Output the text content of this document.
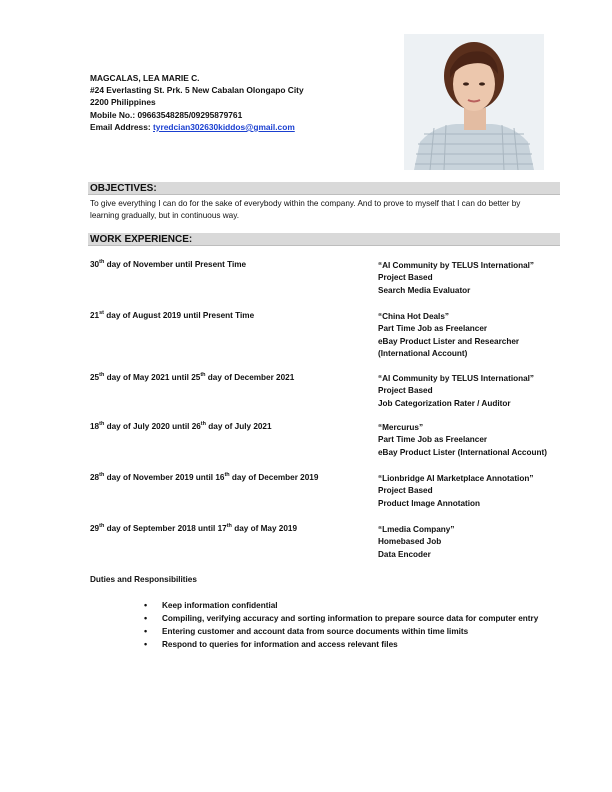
MAGCALAS, LEA MARIE C.
#24 Everlasting St. Prk. 5 New Cabalan Olongapo City
2200 Philippines
Mobile No.: 09663548285/09295879761
Email Address: tyredcian302630kiddos@gmail.com
OBJECTIVES:
To give everything I can do for the sake of everybody within the company. And to prove to myself that I can do better by learning gradually, but in continuous way.
WORK EXPERIENCE:
30th day of November until Present Time	“AI Community by TELUS International”
Project Based
Search Media Evaluator
21st day of August 2019 until Present Time	“China Hot Deals”
Part Time Job as Freelancer
eBay Product Lister and Researcher
(International Account)
25th day of May 2021 until 25th day of December 2021	“AI Community by TELUS International”
Project Based
Job Categorization Rater / Auditor
18th day of July 2020 until 26th day of July 2021	“Mercurus”
Part Time Job as Freelancer
eBay Product Lister (International Account)
28th day of November 2019 until 16th day of December 2019	“Lionbridge AI Marketplace Annotation”
Project Based
Product Image Annotation
29th day of September 2018 until 17th day of May 2019	“Lmedia Company”
Homebased Job
Data Encoder
Duties and Responsibilities
• Keep information confidential
• Compiling, verifying accuracy and sorting information to prepare source data for computer entry
• Entering customer and account data from source documents within time limits
• Respond to queries for information and access relevant files
